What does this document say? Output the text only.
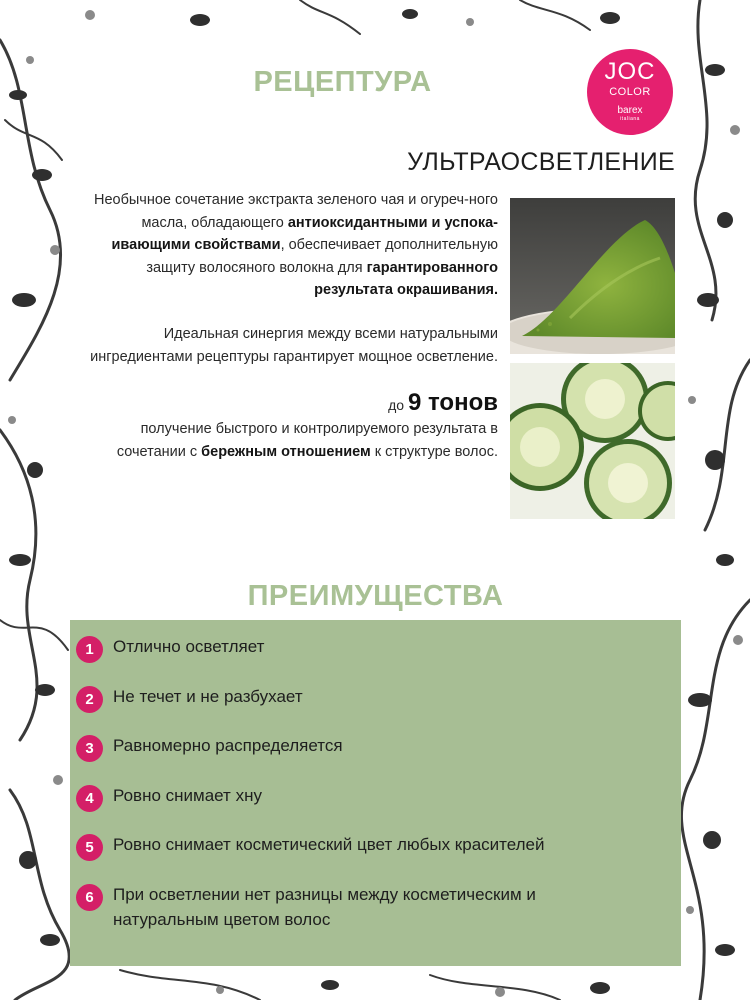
РЕЦЕПТУРА	JOC
COLOR
barex
italiana
УЛЬТРАОСВЕТЛЕНИЕ
Необычное сочетание экстракта зеленого чая и огуреч-ного масла, обладающего антиоксидантными и успока-ивающими свойствами, обеспечивает дополнительную защиту волосяного волокна для гарантированного результата окрашивания.
Идеальная синергия между всеми натуральными ингредиентами рецептуры гарантирует мощное осветление.
до 9 тонов
получение быстрого и контролируемого результата в сочетании с бережным отношением к структуре волос.
ПРЕИМУЩЕСТВА
1	Отлично осветляет
2	Не течет и не разбухает
3	Равномерно распределяется
4	Ровно снимает хну
5	Ровно снимает косметический цвет любых красителей
6	При осветлении нет разницы между косметическим и натуральным цветом волос
